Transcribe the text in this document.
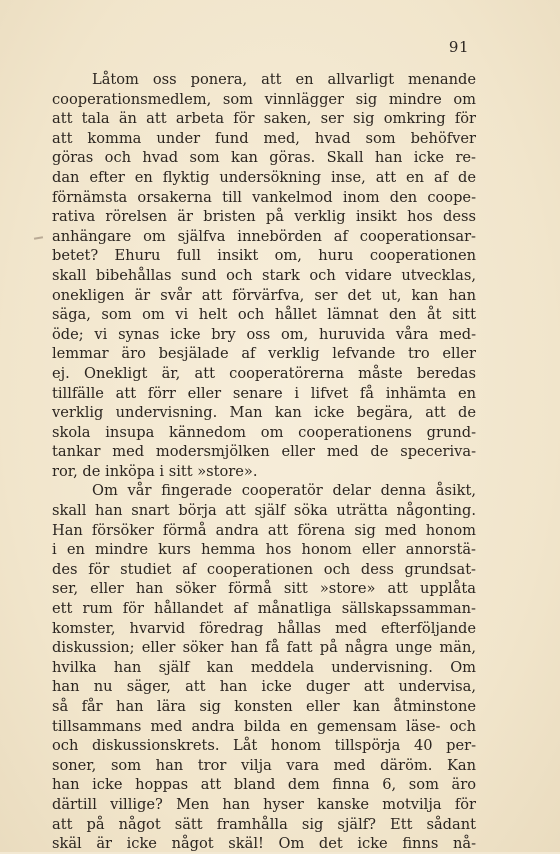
91
Låtom oss ponera, att en allvarligt menande
cooperationsmedlem, som vinnlägger sig mindre om
att tala än att arbeta för saken, ser sig omkring för
att komma under fund med, hvad som behöfver
göras och hvad som kan göras. Skall han icke re-
dan efter en flyktig undersökning inse, att en af de
förnämsta orsakerna till vankelmod inom den coope-
rativa rörelsen är bristen på verklig insikt hos dess
anhängare om själfva innebörden af cooperationsar-
betet? Ehuru full insikt om, huru cooperationen
skall bibehållas sund och stark och vidare utvecklas,
onekligen är svår att förvärfva, ser det ut, kan han
säga, som om vi helt och hållet lämnat den åt sitt
öde; vi synas icke bry oss om, huruvida våra med-
lemmar äro besjälade af verklig lefvande tro eller
ej. Onekligt är, att cooperatörerna måste beredas
tillfälle att förr eller senare i lifvet få inhämta en
verklig undervisning. Man kan icke begära, att de
skola insupa kännedom om cooperationens grund-
tankar med modersmjölken eller med de speceriva-
ror, de inköpa i sitt »store».
Om vår fingerade cooperatör delar denna åsikt,
skall han snart börja att själf söka uträtta någonting.
Han försöker förmå andra att förena sig med honom
i en mindre kurs hemma hos honom eller annorstä-
des för studiet af cooperationen och dess grundsat-
ser, eller han söker förmå sitt »store» att upplåta
ett rum för hållandet af månatliga sällskapssamman-
komster, hvarvid föredrag hållas med efterföljande
diskussion; eller söker han få fatt på några unge män,
hvilka han själf kan meddela undervisning. Om
han nu säger, att han icke duger att undervisa,
så får han lära sig konsten eller kan åtminstone
tillsammans med andra bilda en gemensam läse- och
och diskussionskrets. Låt honom tillspörja 40 per-
soner, som han tror vilja vara med däröm. Kan
han icke hoppas att bland dem finna 6, som äro
därtill villige? Men han hyser kanske motvilja för
att på något sätt framhålla sig själf? Ett sådant
skäl är icke något skäl! Om det icke finns nå-
